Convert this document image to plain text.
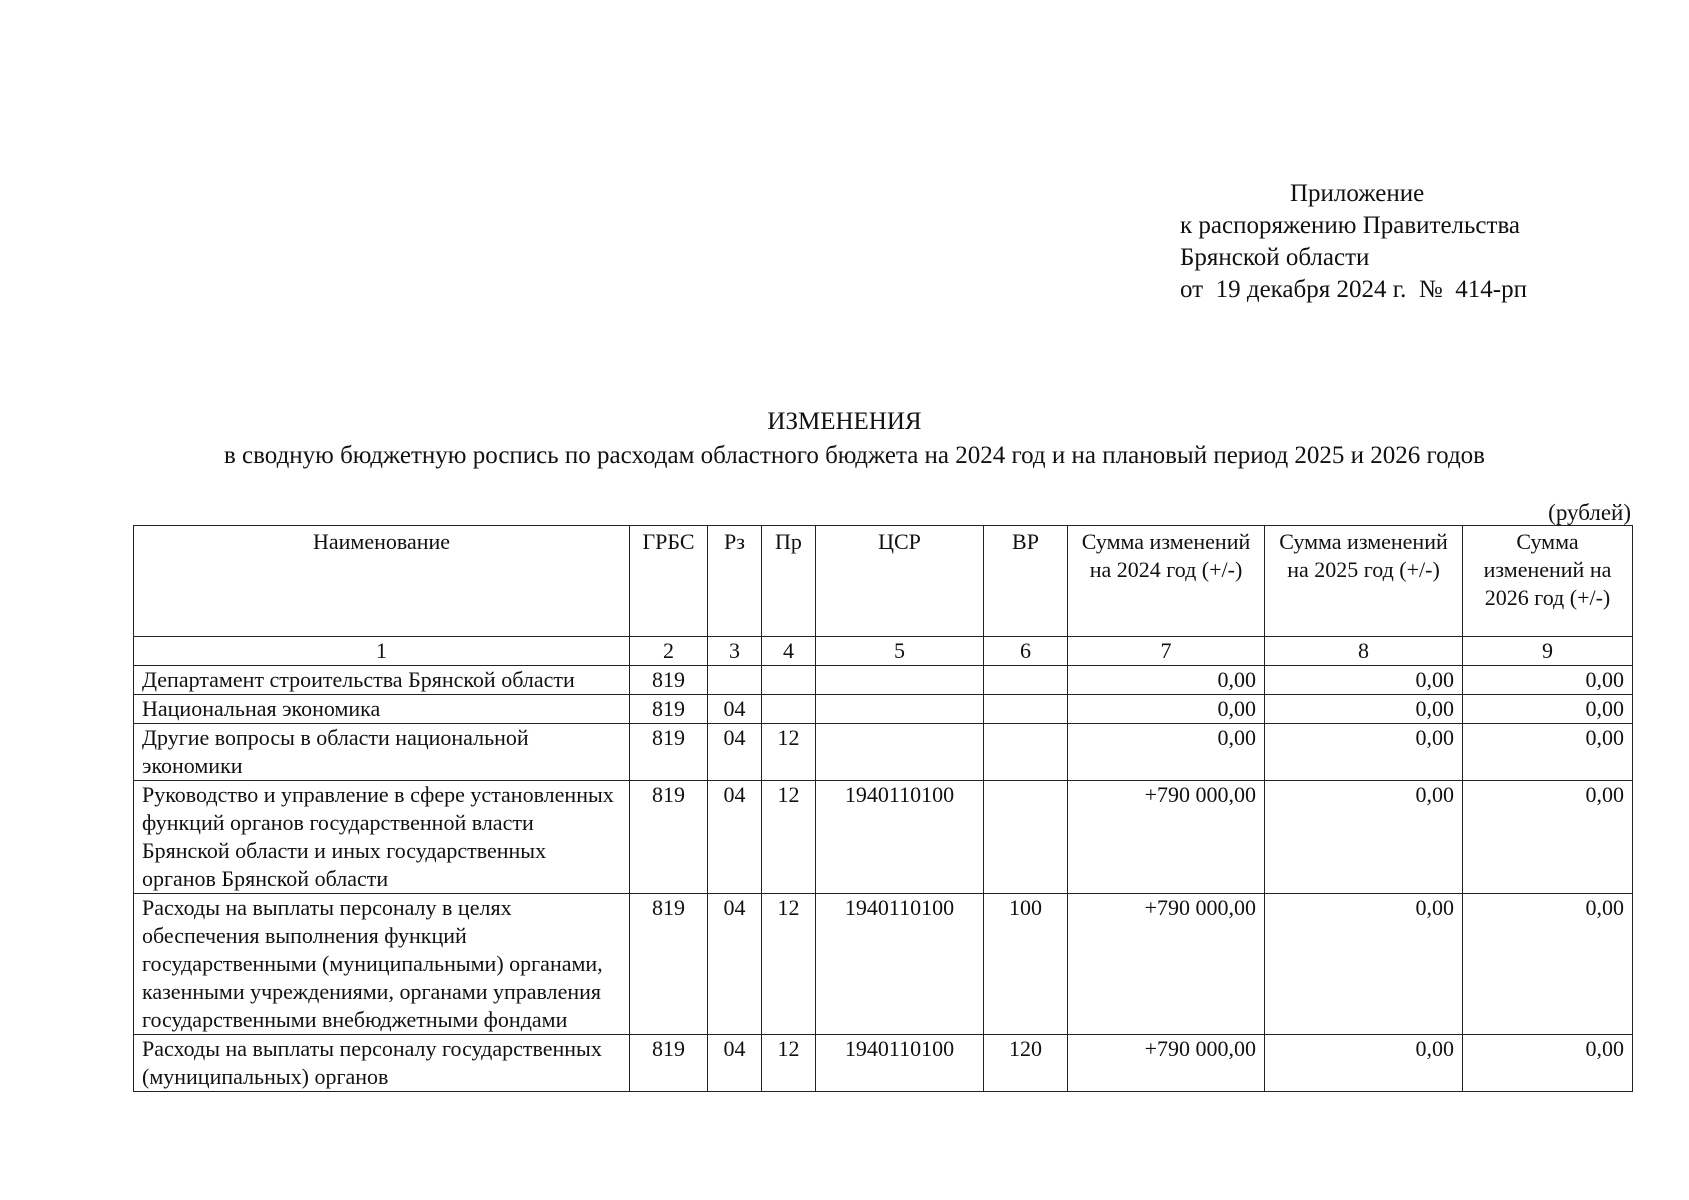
Приложение
к распоряжению Правительства
Брянской области
от  19 декабря 2024 г.  №  414-рп
ИЗМЕНЕНИЯ
в сводную бюджетную роспись по расходам областного бюджета на 2024 год и на плановый период 2025 и 2026 годов
(рублей)
Наименование	ГРБС	Рз	Пр	ЦСР	ВР	Сумма изменений на 2024 год (+/-)	Сумма изменений на 2025 год (+/-)	Сумма изменений на 2026 год (+/-)
1	2	3	4	5	6	7	8	9
Департамент строительства Брянской области	819					0,00	0,00	0,00
Национальная экономика	819	04				0,00	0,00	0,00
Другие вопросы в области национальной экономики	819	04	12			0,00	0,00	0,00
Руководство и управление в сфере установленных функций органов государственной власти Брянской области и иных государственных органов Брянской области	819	04	12	1940110100		+790 000,00	0,00	0,00
Расходы на выплаты персоналу в целях обеспечения выполнения функций государственными (муниципальными) органами, казенными учреждениями, органами управления государственными внебюджетными фондами	819	04	12	1940110100	100	+790 000,00	0,00	0,00
Расходы на выплаты персоналу государственных (муниципальных) органов	819	04	12	1940110100	120	+790 000,00	0,00	0,00
